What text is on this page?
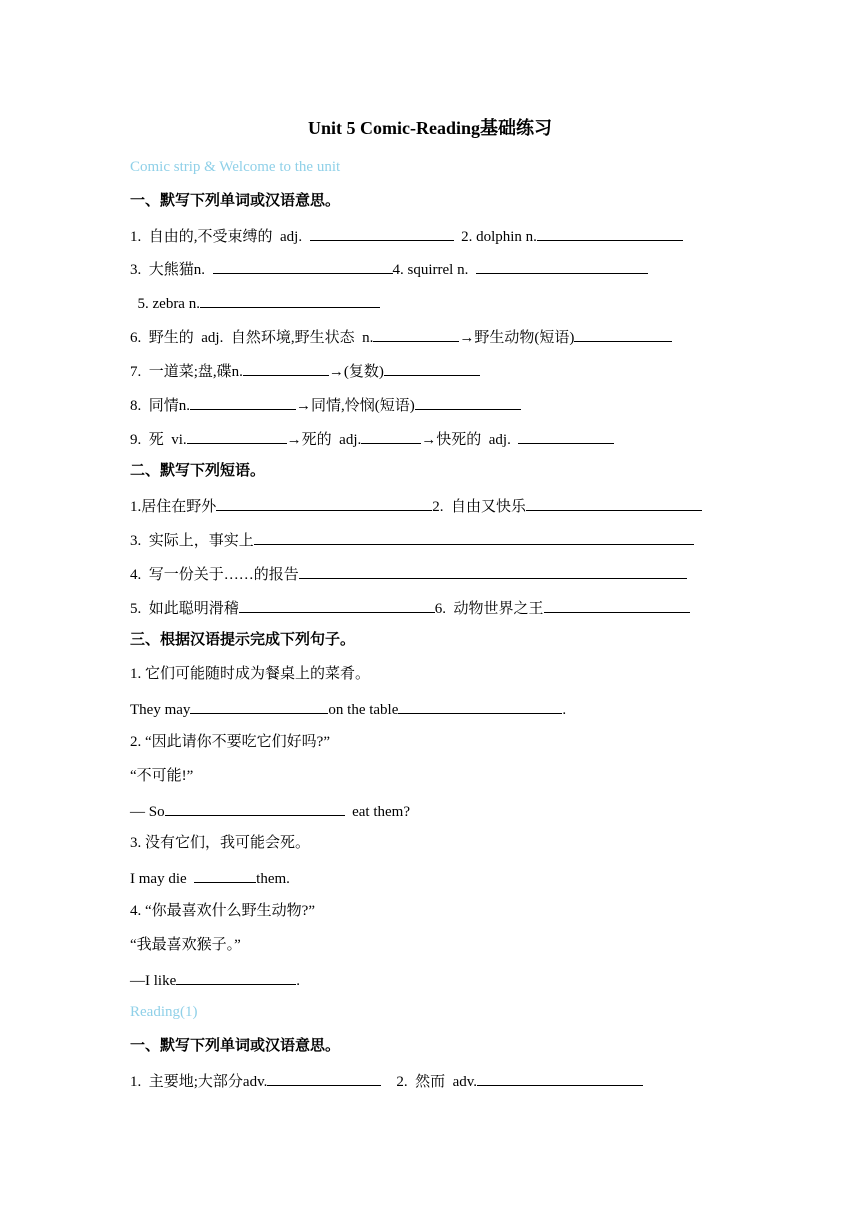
Unit 5 Comic-Reading基础练习
Comic strip & Welcome to the unit
一、默写下列单词或汉语意思。
1.  自由的,不受束缚的  adj.	2. dolphin n.
3.  大熊猫n.	4. squirrel n.
5. zebra n.
6.  野生的  adj.  自然环境,野生状态  n.	→野生动物(短语)
7.  一道菜;盘,碟n.	→(复数)
8.  同情n.	→同情,怜悯(短语)
9.  死  vi.	→死的  adj.	→快死的  adj.
二、默写下列短语。
1.居住在野外	2.  自由又快乐
3.  实际上，事实上
4.  写一份关于……的报告
5.  如此聪明滑稽	6.  动物世界之王
三、根据汉语提示完成下列句子。
1. 它们可能随时成为餐桌上的菜肴。
They may	on the table	.
2. “因此请你不要吃它们好吗?”
“不可能!”
— So	eat them?
3. 没有它们，我可能会死。
I may die	them.
4. “你最喜欢什么野生动物?”
“我最喜欢猴子。”
—I like	.
Reading(1)
一、默写下列单词或汉语意思。
1.  主要地;大部分adv.	2.  然而  adv.
